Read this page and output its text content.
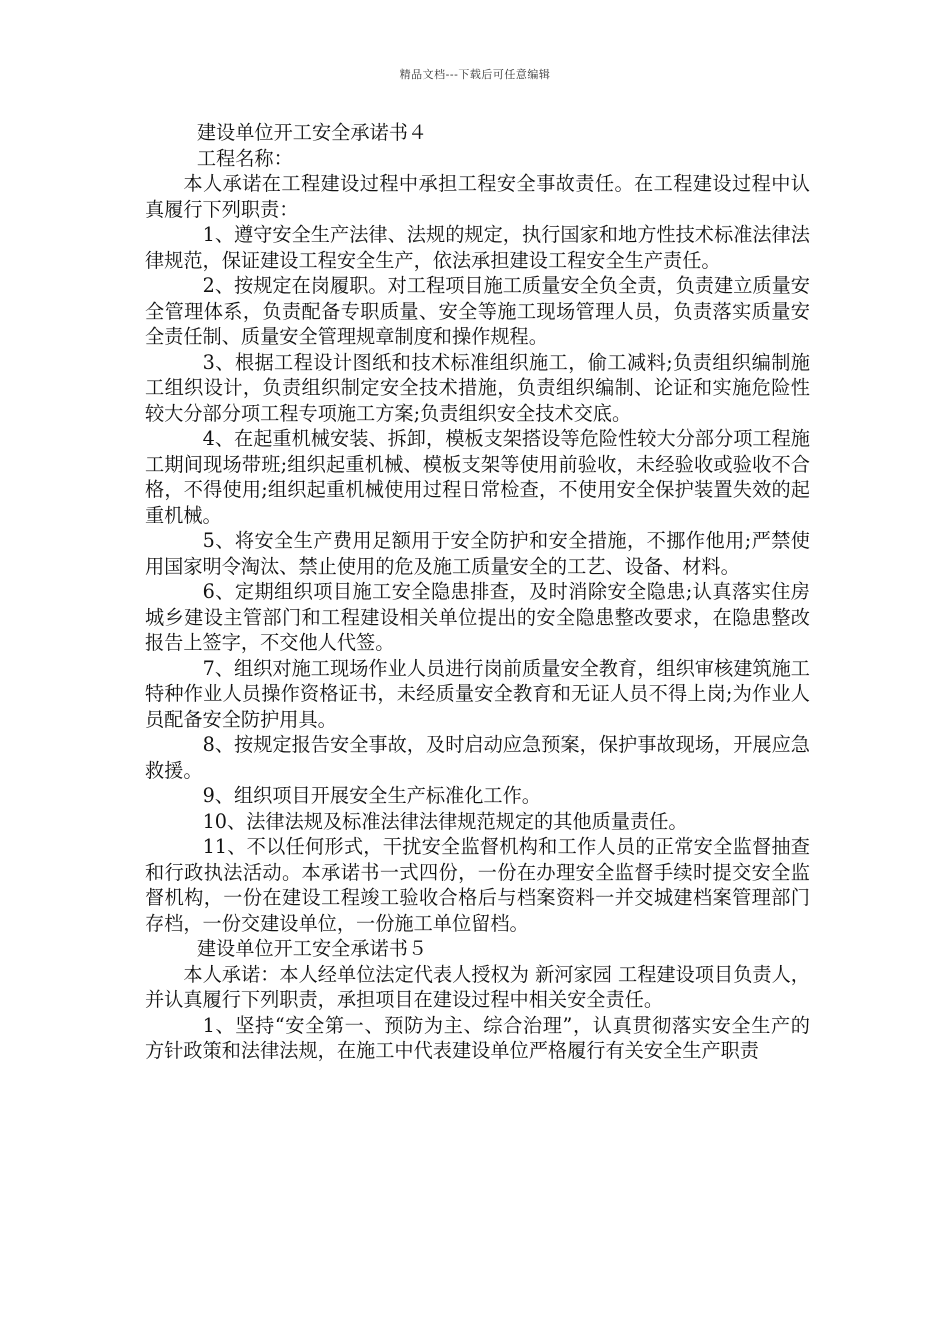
精品文档---下载后可任意编辑

建设单位开工安全承诺书４

工程名称：

本人承诺在工程建设过程中承担工程安全事故责任。在工程建设过程中认真履行下列职责：

1、遵守安全生产法律、法规的规定，执行国家和地方性技术标准法律法律规范，保证建设工程安全生产，依法承担建设工程安全生产责任。

2、按规定在岗履职。对工程项目施工质量安全负全责，负责建立质量安全管理体系，负责配备专职质量、安全等施工现场管理人员，负责落实质量安全责任制、质量安全管理规章制度和操作规程。

3、根据工程设计图纸和技术标准组织施工，偷工减料;负责组织编制施工组织设计，负责组织制定安全技术措施，负责组织编制、论证和实施危险性较大分部分项工程专项施工方案;负责组织安全技术交底。

4、在起重机械安装、拆卸，模板支架搭设等危险性较大分部分项工程施工期间现场带班;组织起重机械、模板支架等使用前验收，未经验收或验收不合格，不得使用;组织起重机械使用过程日常检查，不使用安全保护装置失效的起重机械。

5、将安全生产费用足额用于安全防护和安全措施，不挪作他用;严禁使用国家明令淘汰、禁止使用的危及施工质量安全的工艺、设备、材料。

6、定期组织项目施工安全隐患排查，及时消除安全隐患;认真落实住房城乡建设主管部门和工程建设相关单位提出的安全隐患整改要求，在隐患整改报告上签字，不交他人代签。

7、组织对施工现场作业人员进行岗前质量安全教育，组织审核建筑施工特种作业人员操作资格证书，未经质量安全教育和无证人员不得上岗;为作业人员配备安全防护用具。

8、按规定报告安全事故，及时启动应急预案，保护事故现场，开展应急救援。

9、组织项目开展安全生产标准化工作。

10、法律法规及标准法律法律规范规定的其他质量责任。

11、不以任何形式，干扰安全监督机构和工作人员的正常安全监督抽查和行政执法活动。本承诺书一式四份，一份在办理安全监督手续时提交安全监督机构，一份在建设工程竣工验收合格后与档案资料一并交城建档案管理部门存档，一份交建设单位，一份施工单位留档。

建设单位开工安全承诺书５

本人承诺：本人经单位法定代表人授权为 新河家园 工程建设项目负责人，并认真履行下列职责，承担项目在建设过程中相关安全责任。

1、坚持“安全第一、预防为主、综合治理”，认真贯彻落实安全生产的方针政策和法律法规，在施工中代表建设单位严格履行有关安全生产职责
